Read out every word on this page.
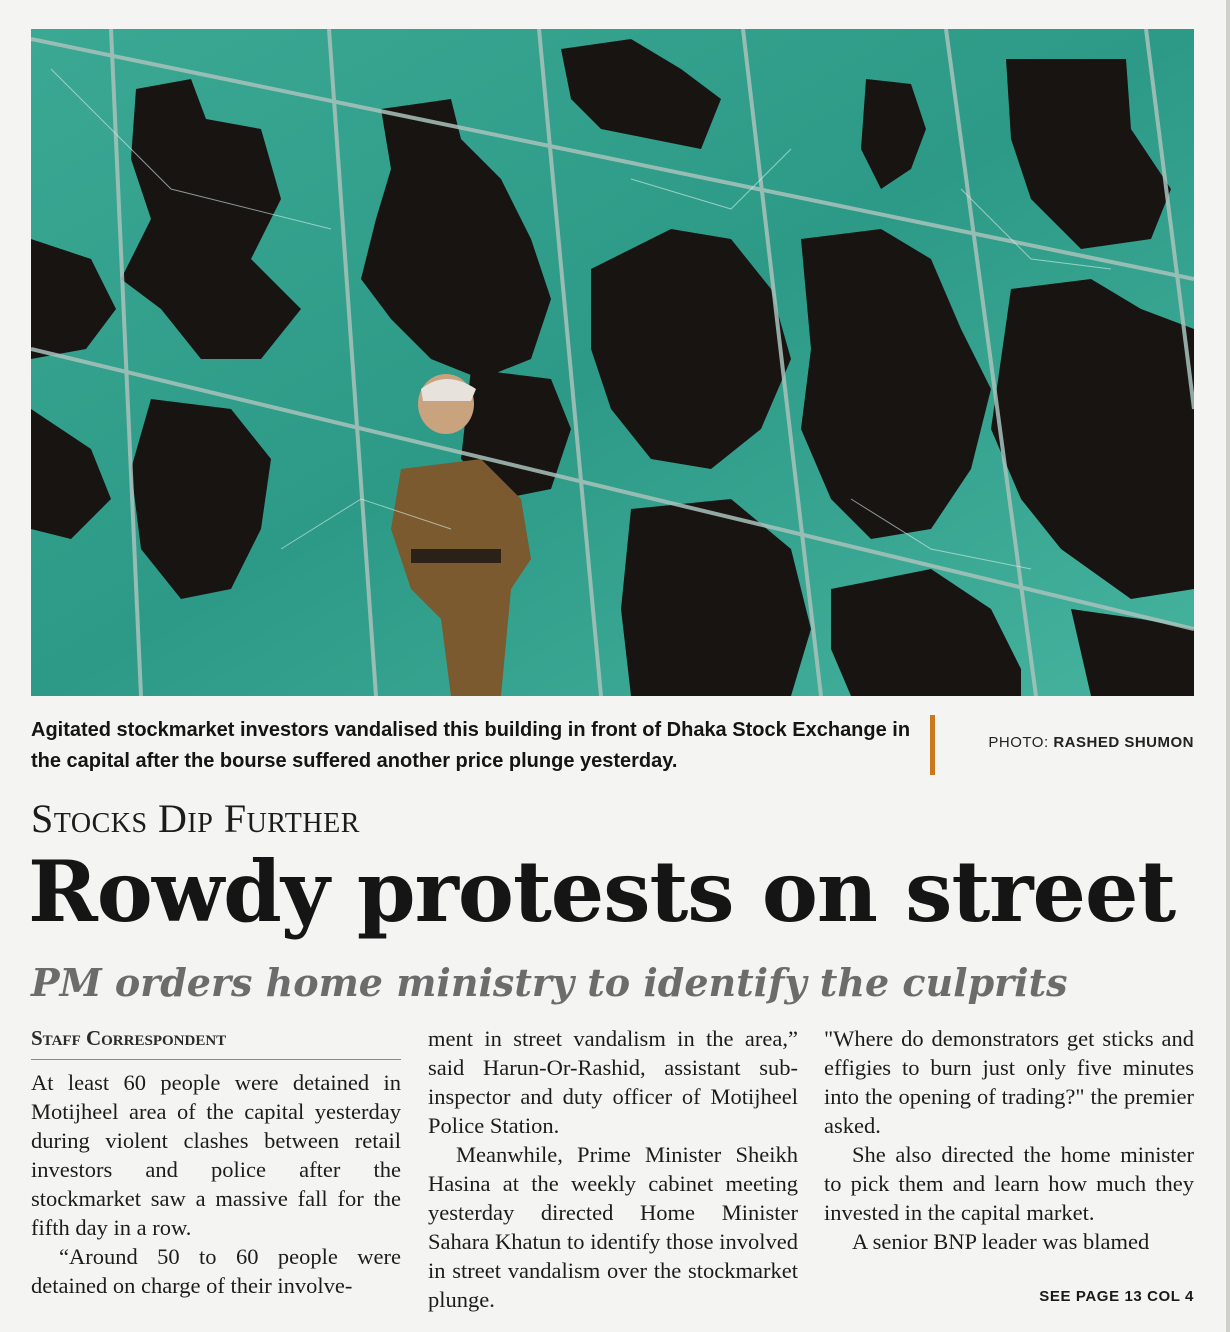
Agitated stockmarket investors vandalised this building in front of Dhaka Stock Exchange in the capital after the bourse suffered another price plunge yesterday.
PHOTO: RASHED SHUMON
Stocks Dip Further
Rowdy protests on street
PM orders home ministry to identify the culprits
Staff Correspondent

At least 60 people were detained in Motijheel area of the capital yesterday during violent clashes between retail investors and police after the stockmarket saw a massive fall for the fifth day in a row.

“Around 50 to 60 people were detained on charge of their involve-

ment in street vandalism in the area,” said Harun-Or-Rashid, assistant sub-inspector and duty officer of Motijheel Police Station.

Meanwhile, Prime Minister Sheikh Hasina at the weekly cabinet meeting yesterday directed Home Minister Sahara Khatun to identify those involved in street vandalism over the stockmarket plunge.

"Where do demonstrators get sticks and effigies to burn just only five minutes into the opening of trading?" the premier asked.

She also directed the home minister to pick them and learn how much they invested in the capital market.

A senior BNP leader was blamed

SEE PAGE 13 COL 4
